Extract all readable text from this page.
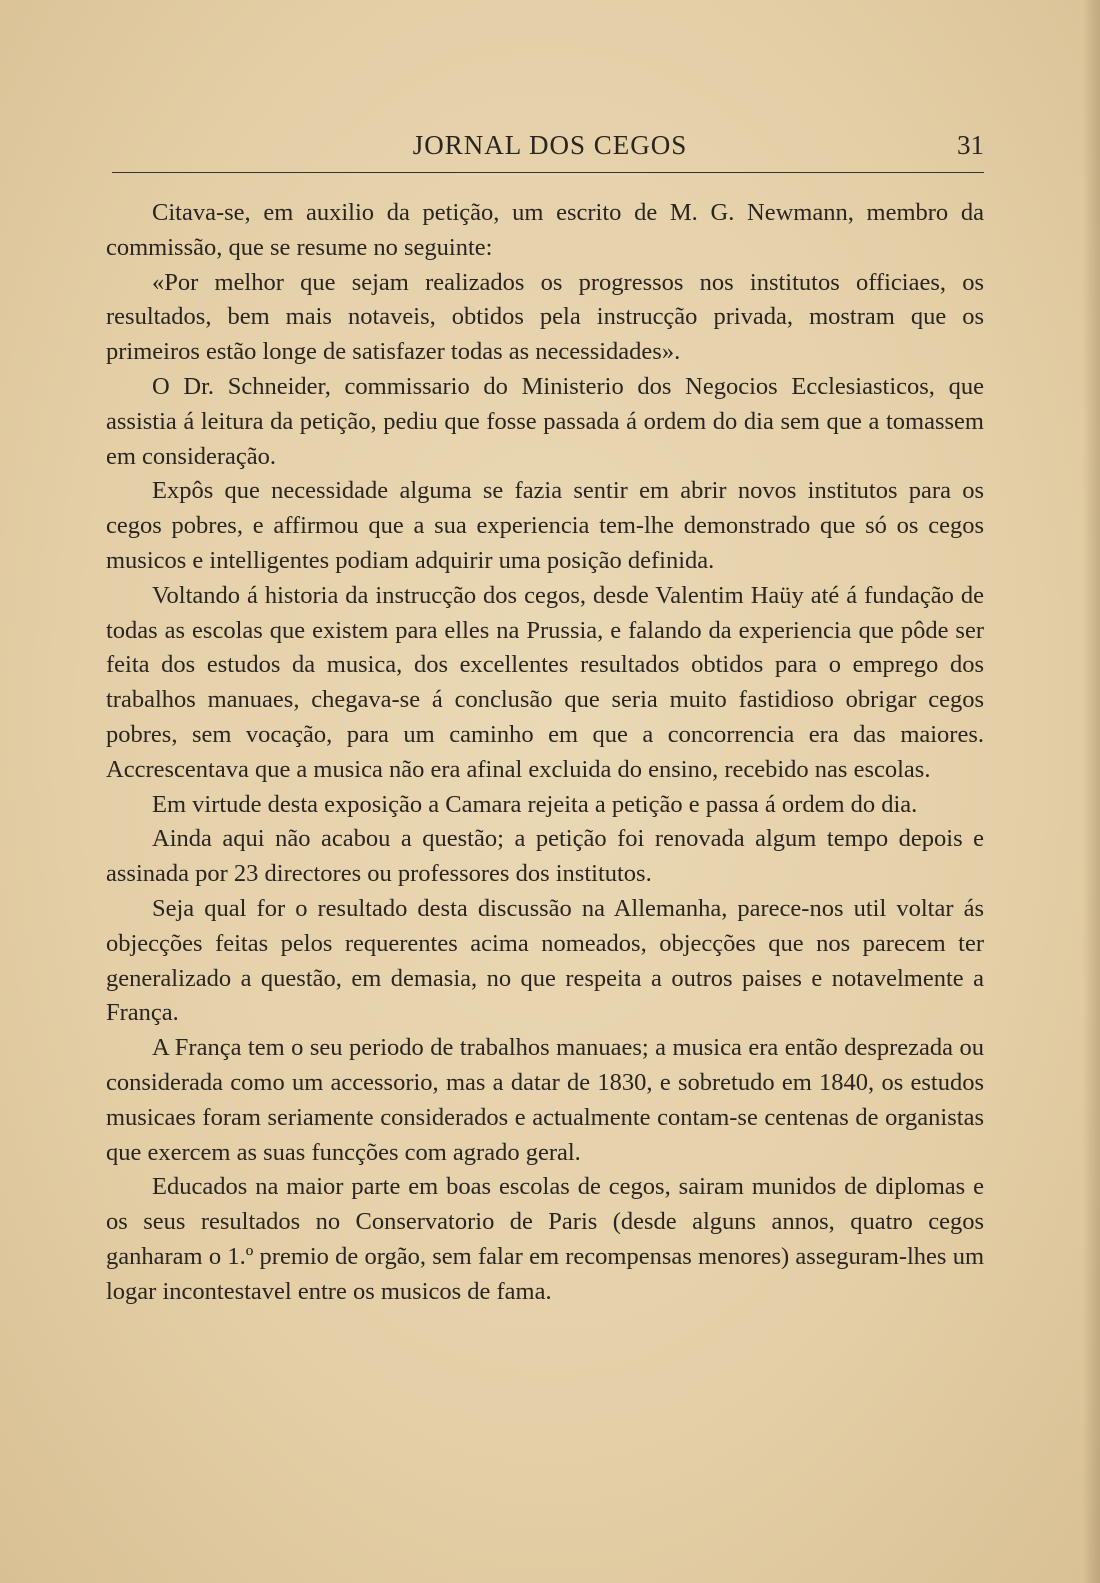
JORNAL DOS CEGOS	31

Citava-se, em auxilio da petição, um escrito de M. G. Newmann, membro da commissão, que se resume no seguinte:

«Por melhor que sejam realizados os progressos nos institutos officiaes, os resultados, bem mais notaveis, obtidos pela instrucção privada, mostram que os primeiros estão longe de satisfazer todas as necessidades».

O Dr. Schneider, commissario do Ministerio dos Negocios Ecclesiasticos, que assistia á leitura da petição, pediu que fosse passada á ordem do dia sem que a tomassem em consideração.

Expôs que necessidade alguma se fazia sentir em abrir novos institutos para os cegos pobres, e affirmou que a sua experiencia tem-lhe demonstrado que só os cegos musicos e intelligentes podiam adquirir uma posição definida.

Voltando á historia da instrucção dos cegos, desde Valentim Haüy até á fundação de todas as escolas que existem para elles na Prussia, e falando da experiencia que pôde ser feita dos estudos da musica, dos excellentes resultados obtidos para o emprego dos trabalhos manuaes, chegava-se á conclusão que seria muito fastidioso obrigar cegos pobres, sem vocação, para um caminho em que a concorrencia era das maiores. Accrescentava que a musica não era afinal excluida do ensino, recebido nas escolas.

Em virtude desta exposição a Camara rejeita a petição e passa á ordem do dia.

Ainda aqui não acabou a questão; a petição foi renovada algum tempo depois e assinada por 23 directores ou professores dos institutos.

Seja qual for o resultado desta discussão na Allemanha, parece-nos util voltar ás objecções feitas pelos requerentes acima nomeados, objecções que nos parecem ter generalizado a questão, em demasia, no que respeita a outros paises e notavelmente a França.

A França tem o seu periodo de trabalhos manuaes; a musica era então desprezada ou considerada como um accessorio, mas a datar de 1830, e sobretudo em 1840, os estudos musicaes foram seriamente considerados e actualmente contam-se centenas de organistas que exercem as suas funcções com agrado geral.

Educados na maior parte em boas escolas de cegos, sairam munidos de diplomas e os seus resultados no Conservatorio de Paris (desde alguns annos, quatro cegos ganharam o 1.º premio de orgão, sem falar em recompensas menores) asseguram-lhes um logar incontestavel entre os musicos de fama.
